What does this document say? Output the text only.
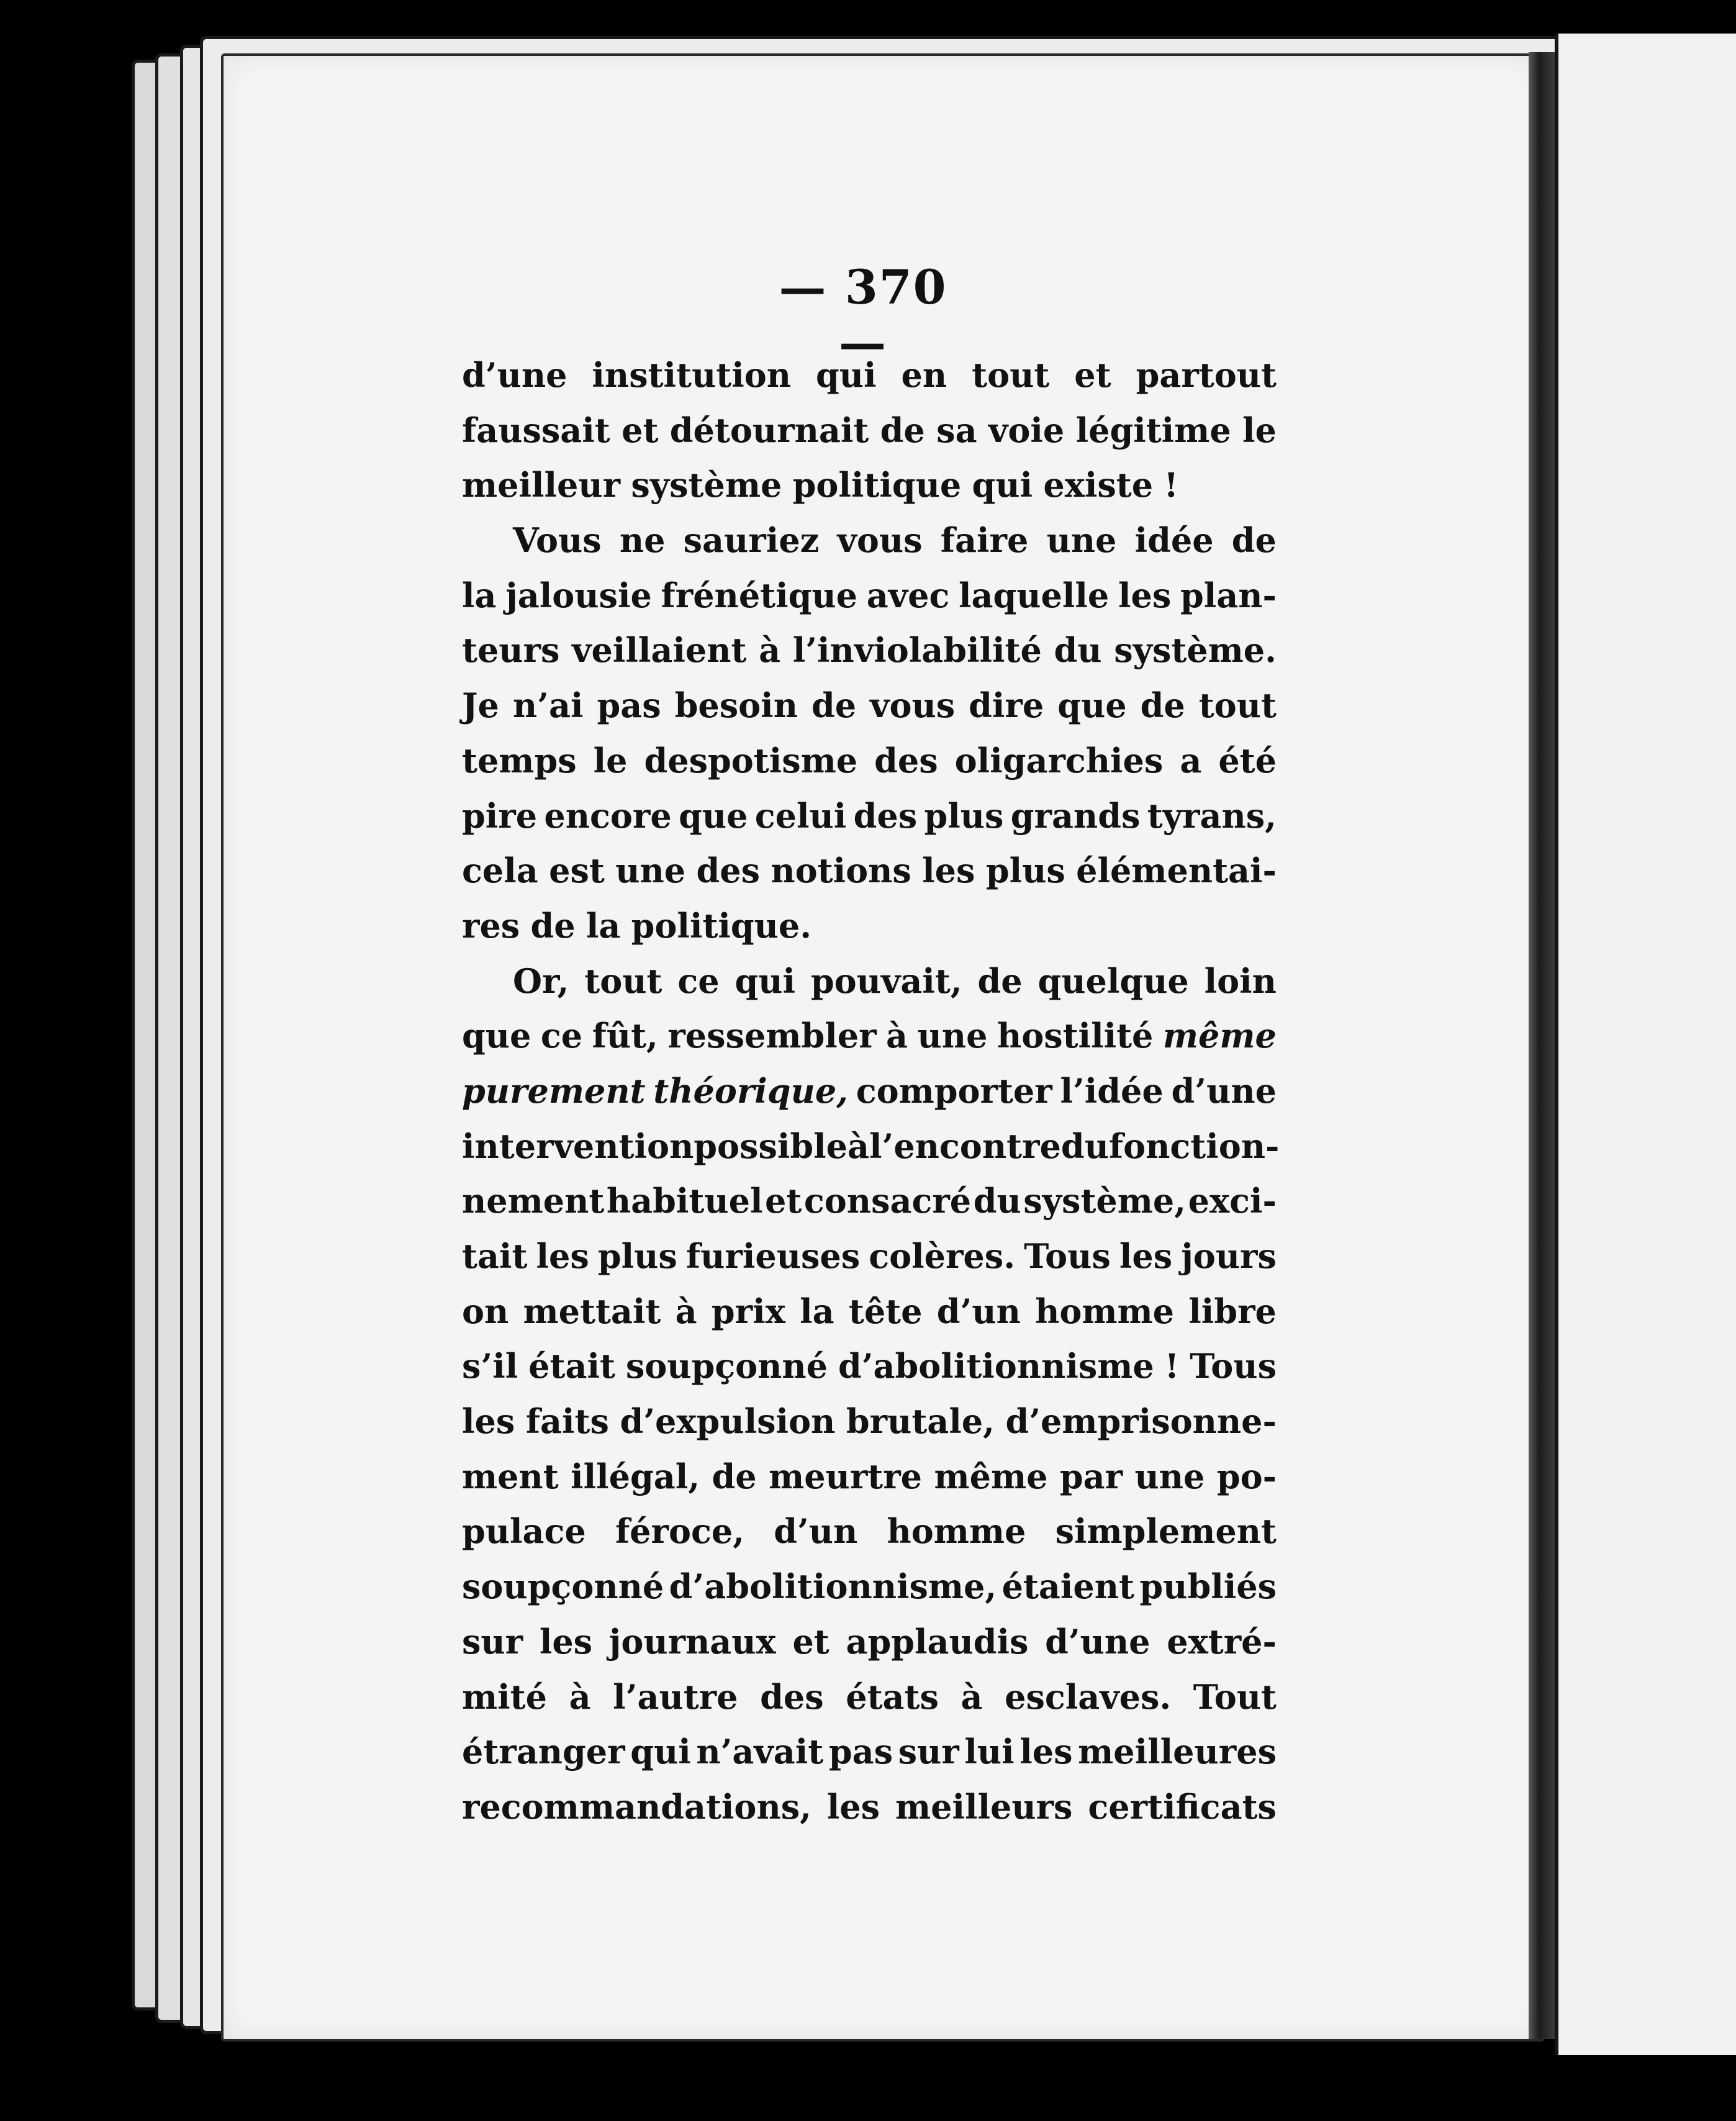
— 370 —
d’une institution qui en tout et partout
faussait et détournait de sa voie légitime le
meilleur système politique qui existe !
Vous ne sauriez vous faire une idée de
la jalousie frénétique avec laquelle les plan-
teurs veillaient à l’inviolabilité du système.
Je n’ai pas besoin de vous dire que de tout
temps le despotisme des oligarchies a été
pire encore que celui des plus grands tyrans,
cela est une des notions les plus élémentai-
res de la politique.
Or, tout ce qui pouvait, de quelque loin
que ce fût, ressembler à une hostilité même
purement théorique, comporter l’idée d’une
intervention possible à l’encontre du fonction-
nement habituel et consacré du système, exci-
tait les plus furieuses colères. Tous les jours
on mettait à prix la tête d’un homme libre
s’il était soupçonné d’abolitionnisme ! Tous
les faits d’expulsion brutale, d’emprisonne-
ment illégal, de meurtre même par une po-
pulace féroce, d’un homme simplement
soupçonné d’abolitionnisme, étaient publiés
sur les journaux et applaudis d’une extré-
mité à l’autre des états à esclaves. Tout
étranger qui n’avait pas sur lui les meilleures
recommandations, les meilleurs certificats
